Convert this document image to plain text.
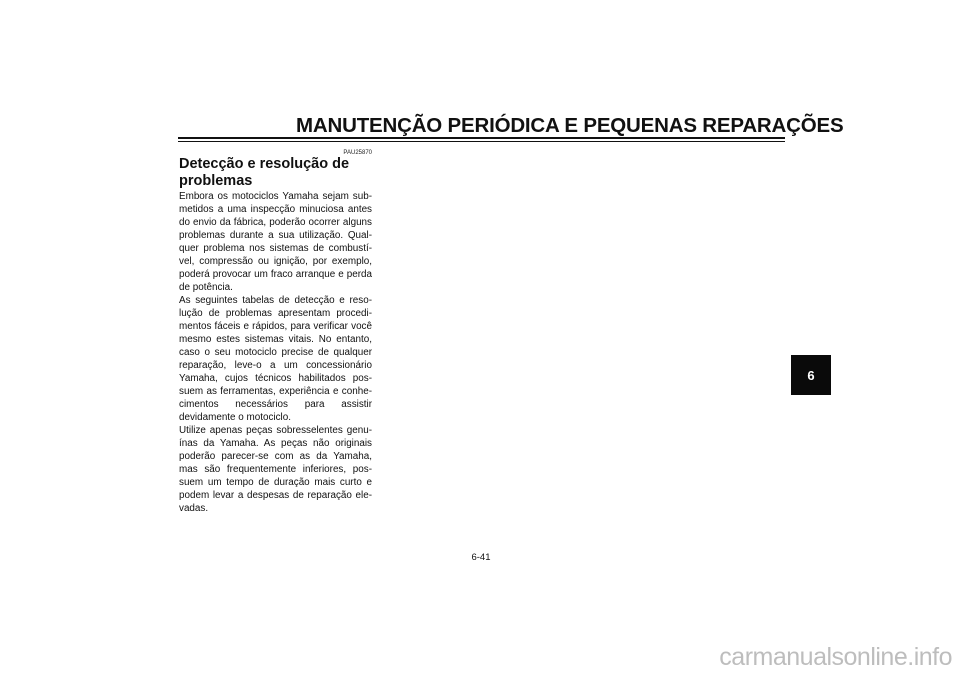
MANUTENÇÃO PERIÓDICA E PEQUENAS REPARAÇÕES
PAU25870
Detecção e resolução de
problemas
Embora os motociclos Yamaha sejam sub-
metidos a uma inspecção minuciosa antes
do envio da fábrica, poderão ocorrer alguns
problemas durante a sua utilização. Qual-
quer problema nos sistemas de combustí-
vel, compressão ou ignição, por exemplo,
poderá provocar um fraco arranque e perda
de potência.
As seguintes tabelas de detecção e reso-
lução de problemas apresentam procedi-
mentos fáceis e rápidos, para verificar você
mesmo estes sistemas vitais. No entanto,
caso o seu motociclo precise de qualquer
reparação, leve-o a um concessionário
Yamaha, cujos técnicos habilitados pos-
suem as ferramentas, experiência e conhe-
cimentos necessários para assistir
devidamente o motociclo.
Utilize apenas peças sobresselentes genu-
ínas da Yamaha. As peças não originais
poderão parecer-se com as da Yamaha,
mas são frequentemente inferiores, pos-
suem um tempo de duração mais curto e
podem levar a despesas de reparação ele-
vadas.
6
6-41
carmanualsonline.info
